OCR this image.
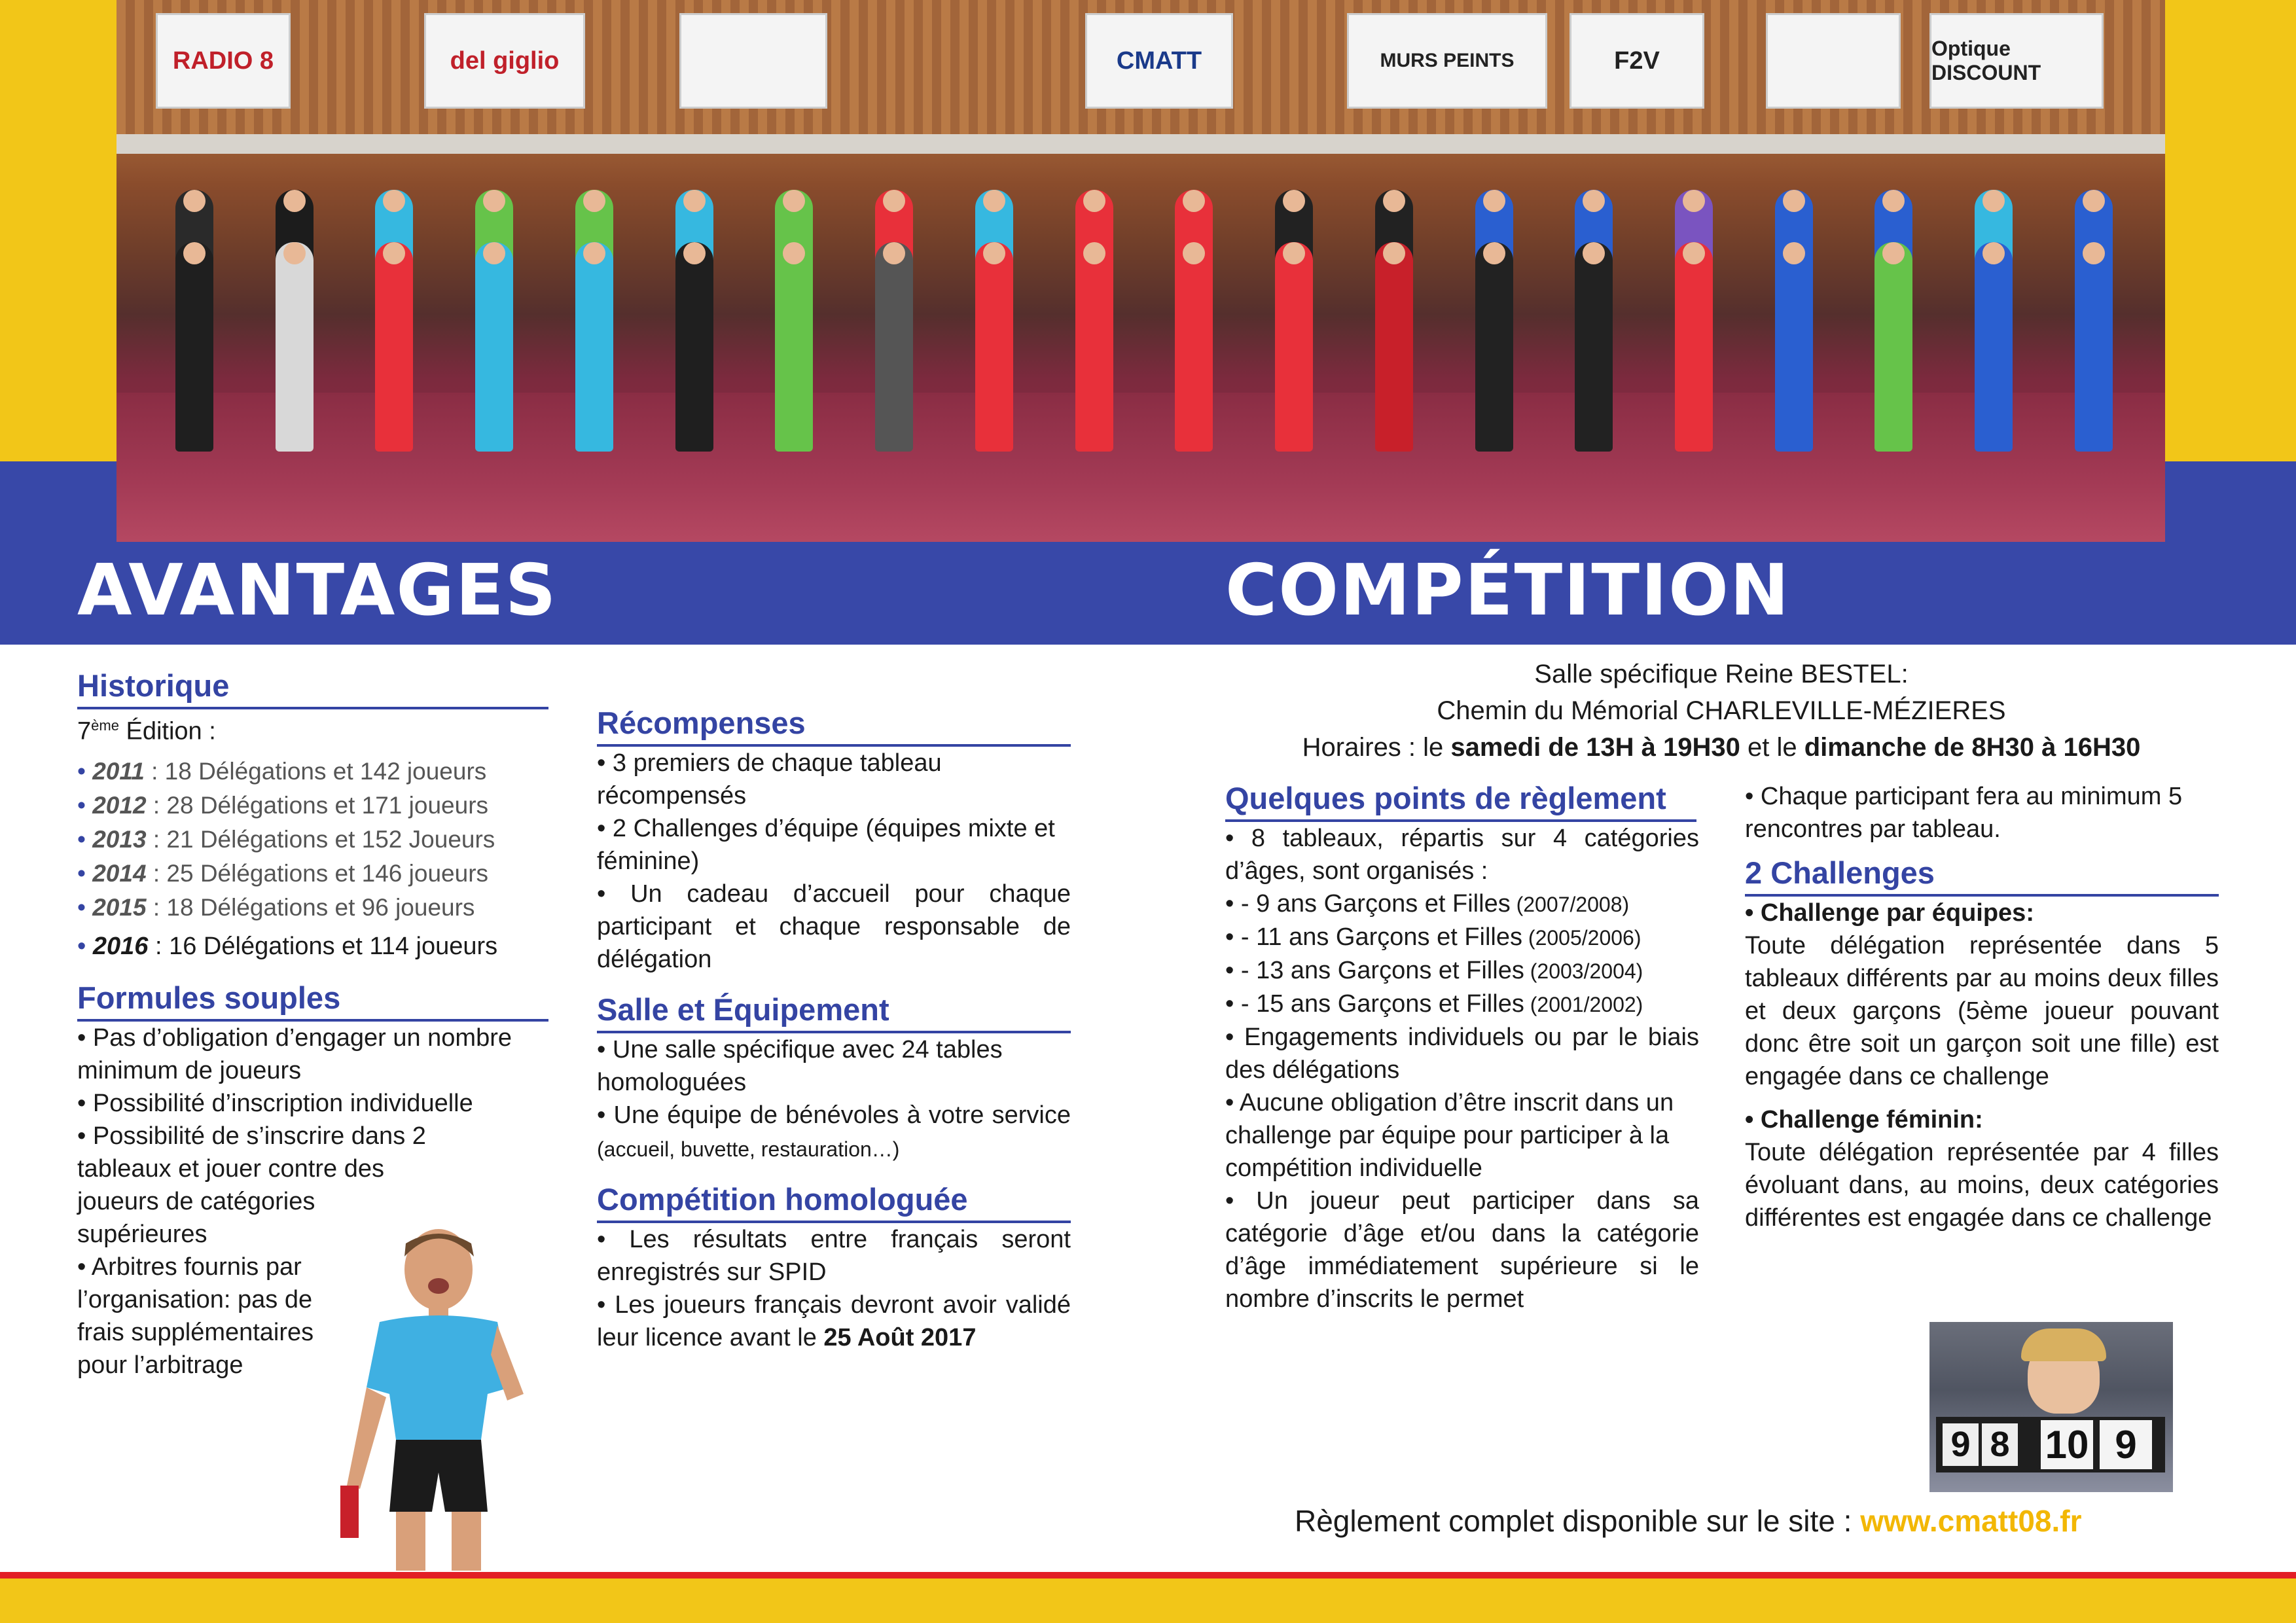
RADIO 8	del giglio	CMATT	MURS PEINTS	F2V	Optique DISCOUNT
AVANTAGES	COMPÉTITION

Historique

7ème Édition :

• 2011 : 18 Délégations et 142 joueurs
• 2012 : 28 Délégations et 171 joueurs
• 2013 : 21 Délégations et 152 Joueurs
• 2014 : 25 Délégations et 146 joueurs
• 2015 : 18 Délégations et 96 joueurs

• 2016 : 16 Délégations et 114 joueurs

Formules souples

• Pas d’obligation d’engager un nombre minimum de joueurs

• Possibilité d’inscription individuelle

• Possibilité de s’inscrire dans 2 tableaux et jouer contre des joueurs de catégories supérieures

• Arbitres fournis par l’organisation: pas de frais supplémentaires pour l’arbitrage

Récompenses

• 3 premiers de chaque tableau récompensés

• 2 Challenges d’équipe (équipes mixte et féminine)

• Un cadeau d’accueil pour chaque participant et chaque responsable de délégation

Salle et Équipement

• Une salle spécifique avec 24 tables homologuées

• Une équipe de bénévoles à votre service (accueil, buvette, restauration…)

Compétition homologuée

• Les résultats entre français seront enregistrés sur SPID

• Les joueurs français devront avoir validé leur licence avant le 25 Août 2017

Salle spécifique Reine BESTEL:

Chemin du Mémorial CHARLEVILLE-MÉZIERES

Horaires : le samedi de 13H à 19H30 et le dimanche de 8H30 à 16H30

Quelques points de règlement

• 8 tableaux, répartis sur 4 catégories d’âges, sont organisés :

• - 9 ans Garçons et Filles (2007/2008)

• - 11 ans Garçons et Filles (2005/2006)

• - 13 ans Garçons et Filles (2003/2004)

• - 15 ans Garçons et Filles (2001/2002)

• Engagements individuels ou par le biais des délégations

• Aucune obligation d’être inscrit dans un challenge par équipe pour participer à la compétition individuelle

• Un joueur peut participer dans sa catégorie d’âge et/ou dans la catégorie d’âge immédiatement supérieure si le nombre d’inscrits le permet

• Chaque participant fera au minimum 5 rencontres par tableau.

2 Challenges

• Challenge par équipes:

Toute délégation représentée dans 5 tableaux différents par au moins deux filles et deux garçons (5ème joueur pouvant donc être soit un garçon soit une fille) est engagée dans ce challenge

• Challenge féminin:

Toute délégation représentée par 4 filles évoluant dans, au moins, deux catégories différentes est engagée dans ce challenge

9 8 10 9

Règlement complet disponible sur le site : www.cmatt08.fr
